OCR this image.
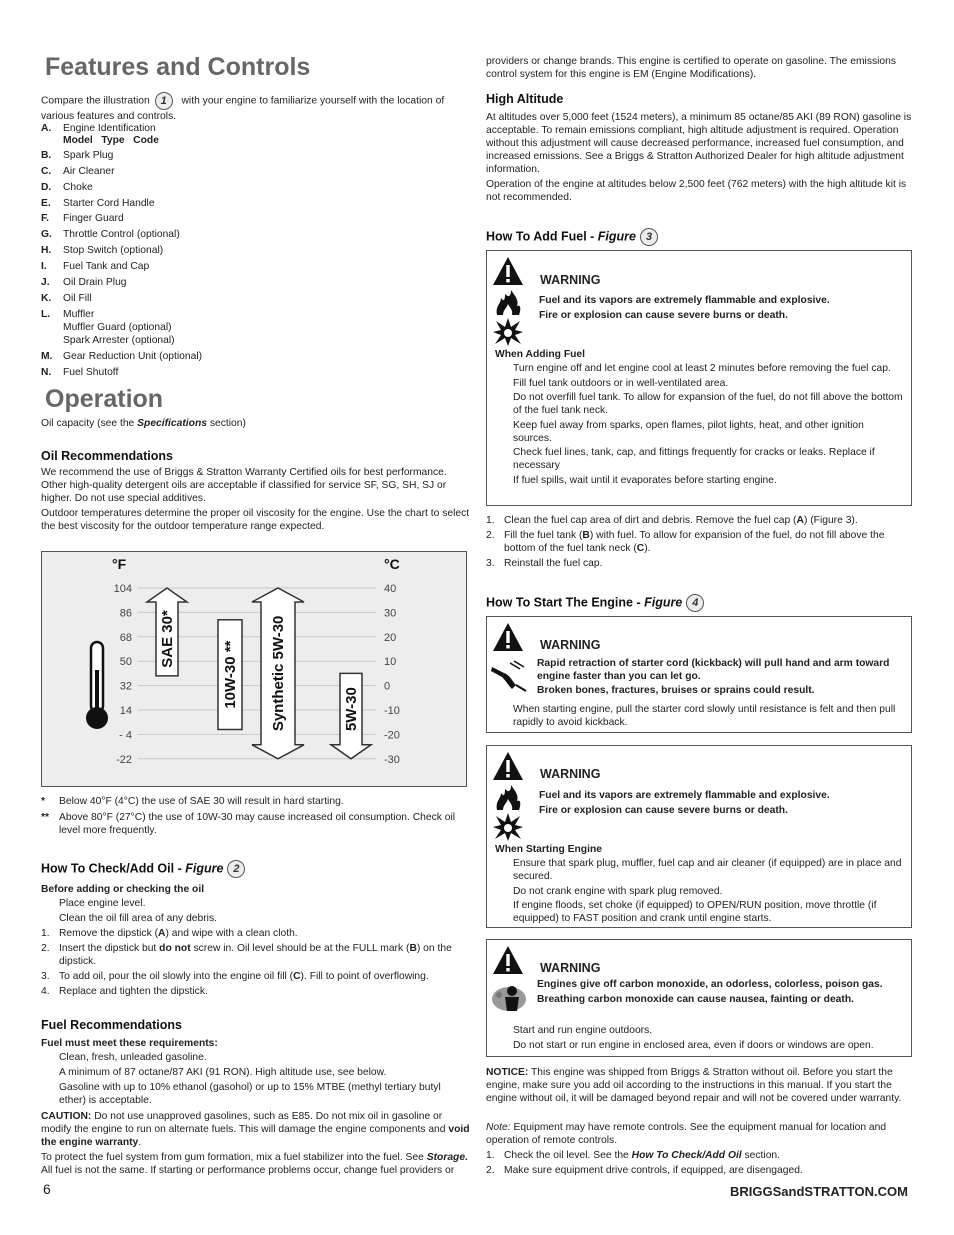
Features and Controls
Compare the illustration 1 with your engine to familiarize yourself with the location of various features and controls.
A.	Engine Identification
Model   Type   Code
B.	Spark Plug
C.	Air Cleaner
D.	Choke
E.	Starter Cord Handle
F.	Finger Guard
G.	Throttle Control (optional)
H.	Stop Switch (optional)
I.	Fuel Tank and Cap
J.	Oil Drain Plug
K.	Oil Fill
L.	Muffler
Muffler Guard (optional)
Spark Arrester (optional)
M.	Gear Reduction Unit (optional)
N.	Fuel Shutoff
Operation
Oil capacity (see the Specifications section)
Oil Recommendations
We recommend the use of Briggs & Stratton Warranty Certified oils for best performance. Other high-quality detergent oils are acceptable if classified for service SF, SG, SH, SJ or higher. Do not use special additives.
Outdoor temperatures determine the proper oil viscosity for the engine. Use the chart to select the best viscosity for the outdoor temperature range expected.
104
86
68
50
32
14
- 4
-22
40
30
20
10
0
-10
-20
-30
°F	°C
SAE 30*
10W-30 ** Synthetic 5W-30	5W-30
*	Below 40°F (4°C) the use of SAE 30 will result in hard starting.
** Above 80°F (27°C) the use of 10W-30 may cause increased oil consumption. Check oil level more frequently.
How To Check/Add Oil - Figure 2
Before adding or checking the oil
Place engine level.
Clean the oil fill area of any debris.
1. Remove the dipstick (A) and wipe with a clean cloth.
2. Insert the dipstick but do not screw in. Oil level should be at the FULL mark (B) on the dipstick.
3. To add oil, pour the oil slowly into the engine oil fill (C). Fill to point of overflowing.
4. Replace and tighten the dipstick.
Fuel Recommendations
Fuel must meet these requirements:
Clean, fresh, unleaded gasoline.
A minimum of 87 octane/87 AKI (91 RON). High altitude use, see below.
Gasoline with up to 10% ethanol (gasohol) or up to 15% MTBE (methyl tertiary butyl ether) is acceptable.
CAUTION: Do not use unapproved gasolines, such as E85. Do not mix oil in gasoline or modify the engine to run on alternate fuels. This will damage the engine components and void the engine warranty.
To protect the fuel system from gum formation, mix a fuel stabilizer into the fuel. See Storage. All fuel is not the same. If starting or performance problems occur, change fuel providers or
providers or change brands. This engine is certified to operate on gasoline. The emissions control system for this engine is EM (Engine Modifications).
High Altitude
At altitudes over 5,000 feet (1524 meters), a minimum 85 octane/85 AKI (89 RON) gasoline is acceptable. To remain emissions compliant, high altitude adjustment is required. Operation without this adjustment will cause decreased performance, increased fuel consumption, and increased emissions. See a Briggs & Stratton Authorized Dealer for high altitude adjustment information.
Operation of the engine at altitudes below 2,500 feet (762 meters) with the high altitude kit is not recommended.
How To Add Fuel - Figure 3
WARNING
Fuel and its vapors are extremely flammable and explosive.
Fire or explosion can cause severe burns or death.
When Adding Fuel
Turn engine off and let engine cool at least 2 minutes before removing the fuel cap.
Fill fuel tank outdoors or in well-ventilated area.
Do not overfill fuel tank. To allow for expansion of the fuel, do not fill above the bottom of the fuel tank neck.
Keep fuel away from sparks, open flames, pilot lights, heat, and other ignition sources.
Check fuel lines, tank, cap, and fittings frequently for cracks or leaks. Replace if necessary
If fuel spills, wait until it evaporates before starting engine.
1. Clean the fuel cap area of dirt and debris. Remove the fuel cap (A) (Figure 3).
2. Fill the fuel tank (B) with fuel. To allow for expansion of the fuel, do not fill above the bottom of the fuel tank neck (C).
3. Reinstall the fuel cap.
How To Start The Engine - Figure 4
WARNING
Rapid retraction of starter cord (kickback) will pull hand and arm toward engine faster than you can let go.
Broken bones, fractures, bruises or sprains could result.
When starting engine, pull the starter cord slowly until resistance is felt and then pull rapidly to avoid kickback.
WARNING
Fuel and its vapors are extremely flammable and explosive.
Fire or explosion can cause severe burns or death.
When Starting Engine
Ensure that spark plug, muffler, fuel cap and air cleaner (if equipped) are in place and secured.
Do not crank engine with spark plug removed.
If engine floods, set choke (if equipped) to OPEN/RUN position, move throttle (if equipped) to FAST position and crank until engine starts.
WARNING
Engines give off carbon monoxide, an odorless, colorless, poison gas.
Breathing carbon monoxide can cause nausea, fainting or death.
Start and run engine outdoors.
Do not start or run engine in enclosed area, even if doors or windows are open.
NOTICE: This engine was shipped from Briggs & Stratton without oil. Before you start the engine, make sure you add oil according to the instructions in this manual. If you start the engine without oil, it will be damaged beyond repair and will not be covered under warranty.
Note: Equipment may have remote controls. See the equipment manual for location and operation of remote controls.
1. Check the oil level. See the How To Check/Add Oil section.
2. Make sure equipment drive controls, if equipped, are disengaged.
6	BRIGGSandSTRATTON.COM
